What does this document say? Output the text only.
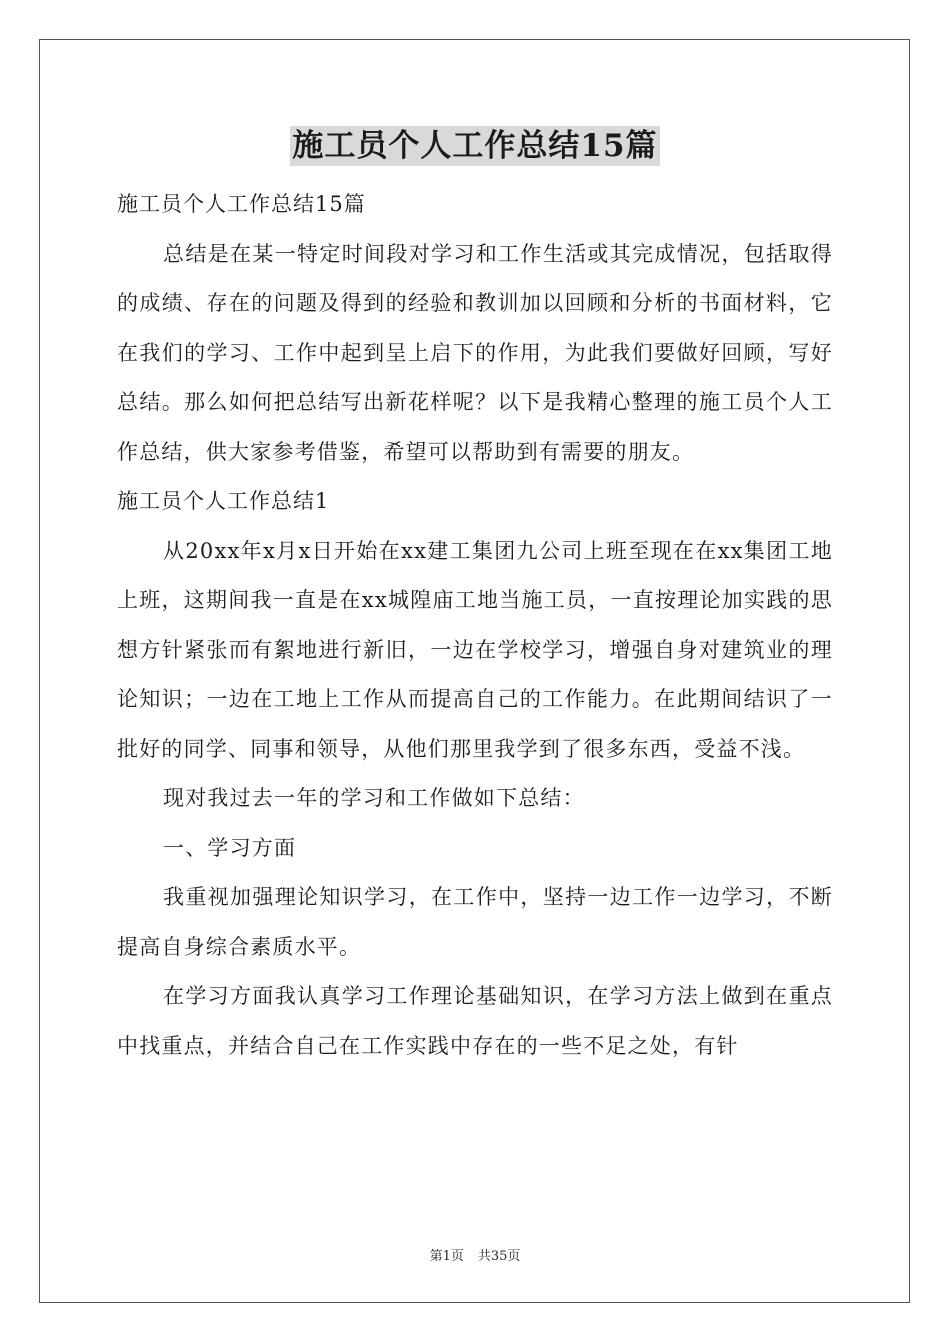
施工员个人工作总结15篇

施工员个人工作总结15篇

总结是在某一特定时间段对学习和工作生活或其完成情况，包括取得的成绩、存在的问题及得到的经验和教训加以回顾和分析的书面材料，它在我们的学习、工作中起到呈上启下的作用，为此我们要做好回顾，写好总结。那么如何把总结写出新花样呢？以下是我精心整理的施工员个人工作总结，供大家参考借鉴，希望可以帮助到有需要的朋友。

施工员个人工作总结1

从20xx年x月x日开始在xx建工集团九公司上班至现在在xx集团工地上班，这期间我一直是在xx城隍庙工地当施工员，一直按理论加实践的思想方针紧张而有絮地进行新旧，一边在学校学习，增强自身对建筑业的理论知识；一边在工地上工作从而提高自己的工作能力。在此期间结识了一批好的同学、同事和领导，从他们那里我学到了很多东西，受益不浅。

现对我过去一年的学习和工作做如下总结：

一、学习方面

我重视加强理论知识学习，在工作中，坚持一边工作一边学习，不断提高自身综合素质水平。

在学习方面我认真学习工作理论基础知识，在学习方法上做到在重点中找重点，并结合自己在工作实践中存在的一些不足之处，有针

第1页 共35页
